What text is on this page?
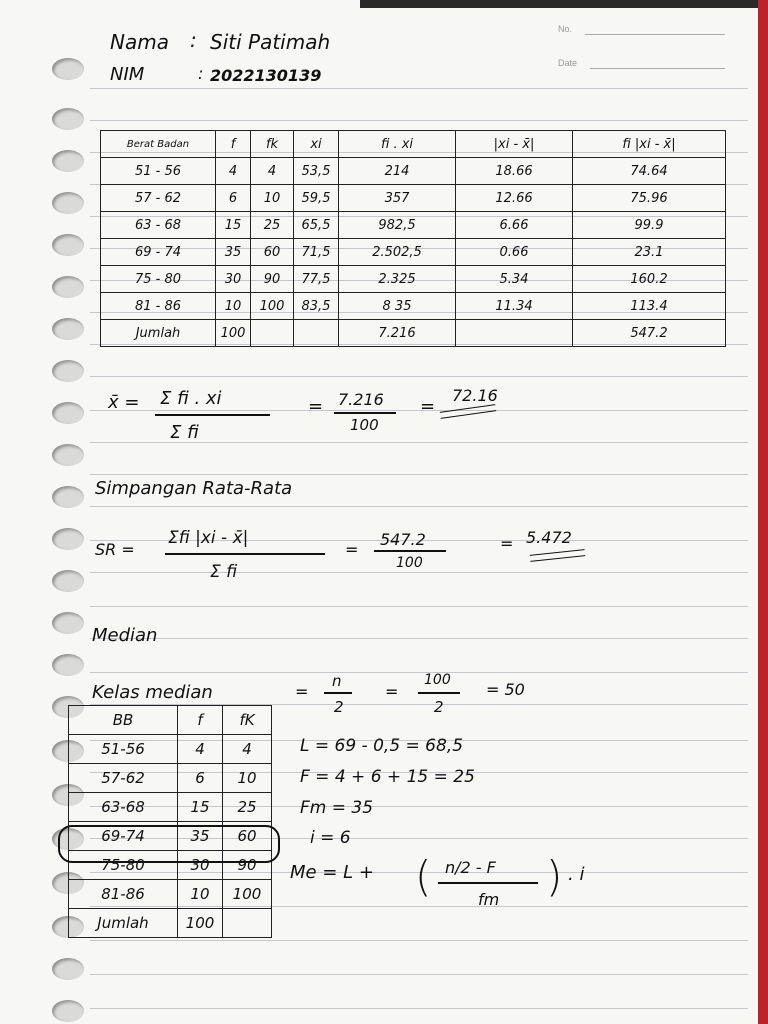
No.
Date
Nama : Siti Patimah
NIM	: 2022130139
Berat Badan	f	fk	xi	fi . xi	|xi - x̄|	fi |xi - x̄|
51 - 56	4	4	53,5	214	18.66	74.64
57 - 62	6	10	59,5	357	12.66	75.96
63 - 68	15	25	65,5	982,5	6.66	99.9
69 - 74	35	60	71,5	2.502,5	0.66	23.1
75 - 80	30	90	77,5	2.325	5.34	160.2
81 - 86	10	100	83,5	8 35	11.34	113.4
Jumlah	100			7.216		547.2
x̄ = Σ fi . xi
Σ fi
= 7.216
100
=
72.16
Simpangan Rata-Rata
SR =
Σfi |xi - x̄|
Σ fi
=
547.2
100
= 5.472
Median
Kelas median	=
n
2
=
100
2
= 50
BB	f	fK
51-56	4	4
57-62	6	10
63-68	15	25
69-74	35	60
75-80	30	90
81-86	10	100
Jumlah	100	
L = 69 - 0,5 = 68,5
F = 4 + 6 + 15 = 25
Fm = 35
i = 6
Me = L + ( n/2 - F
fm ) . i
